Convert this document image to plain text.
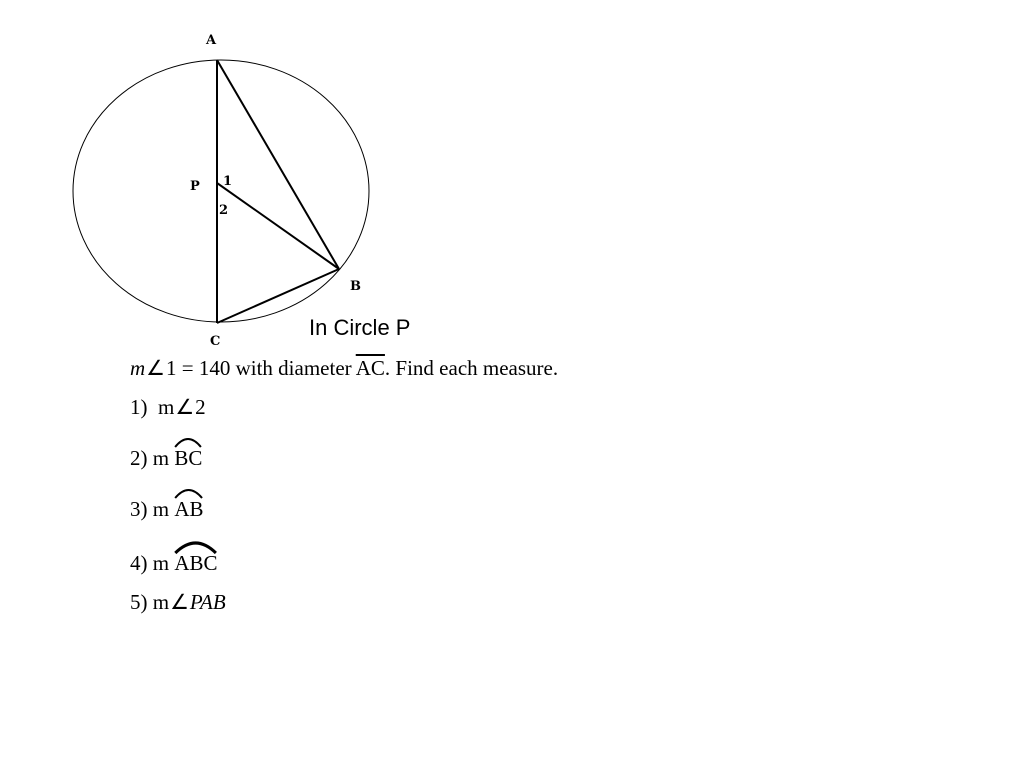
A
B
C
P 1
2
In Circle P
m∠1 = 140 with diameter $\overline{AC}$. Find each measure.
1) m∠2
2) m BC
3) m AB
4) m ABC
5) m∠PAB
